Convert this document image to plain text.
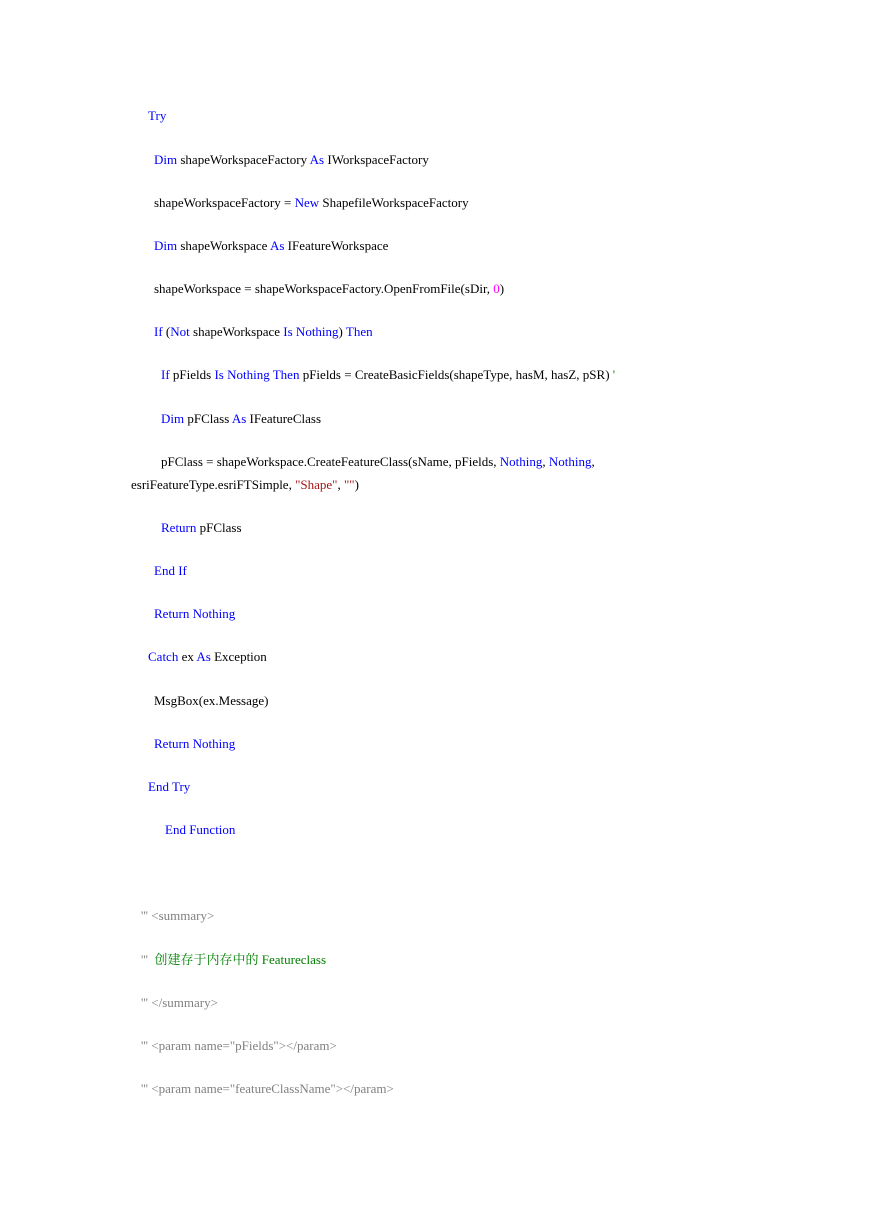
Try
Dim shapeWorkspaceFactory As IWorkspaceFactory
shapeWorkspaceFactory = New ShapefileWorkspaceFactory
Dim shapeWorkspace As IFeatureWorkspace
shapeWorkspace = shapeWorkspaceFactory.OpenFromFile(sDir, 0)
If (Not shapeWorkspace Is Nothing) Then
If pFields Is Nothing Then pFields = CreateBasicFields(shapeType, hasM, hasZ, pSR) '
Dim pFClass As IFeatureClass
pFClass = shapeWorkspace.CreateFeatureClass(sName, pFields, Nothing, Nothing,
esriFeatureType.esriFTSimple, "Shape", "")
Return pFClass
End If
Return Nothing
Catch ex As Exception
MsgBox(ex.Message)
Return Nothing
End Try
End Function
''' <summary>
'''  创建存于内存中的 Featureclass
''' </summary>
''' <param name="pFields"></param>
''' <param name="featureClassName"></param>
